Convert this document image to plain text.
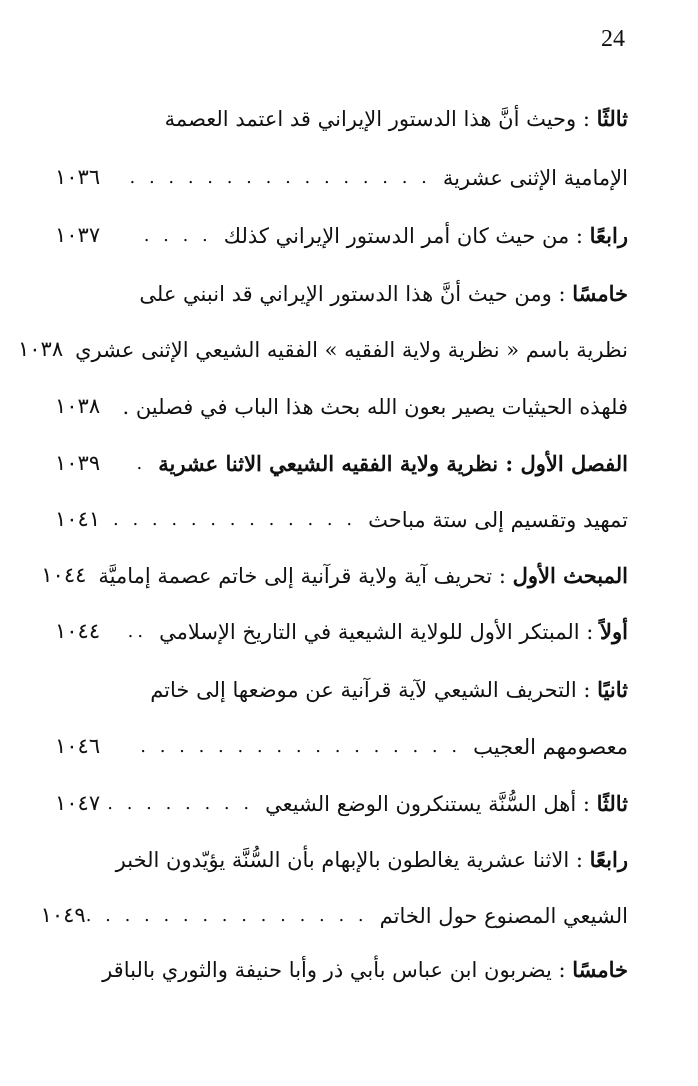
24
ثالثًا : وحيث أنَّ هذا الدستور الإيراني قد اعتمد العصمة
الإمامية الإثنى عشرية
. . . . . . . . . . . . . . . .
١٠٣٦
رابعًا : من حيث كان أمر الدستور الإيراني كذلك
. . . .
١٠٣٧
خامسًا : ومن حيث أنَّ هذا الدستور الإيراني قد انبني على
نظرية باسم « نظرية ولاية الفقيه » الفقيه الشيعي الإثنى عشري
١٠٣٨
فلهذه الحيثيات يصير بعون الله بحث هذا الباب في فصلين .
١٠٣٨
الفصل الأول : نظرية ولاية الفقيه الشيعي الاثنا عشرية
.
١٠٣٩
تمهيد وتقسيم إلى ستة مباحث
. . . . . . . . . . . . .
١٠٤١
المبحث الأول : تحريف آية ولاية قرآنية إلى خاتم عصمة إماميَّة
١٠٤٤
أولاً : المبتكر الأول للولاية الشيعية في التاريخ الإسلامي
..
١٠٤٤
ثانيًا : التحريف الشيعي لآية قرآنية عن موضعها إلى خاتم
معصومهم العجيب
. . . . . . . . . . . . . . . . .
١٠٤٦
ثالثًا : أهل السُّنَّة يستنكرون الوضع الشيعي
. . . . . . . .
١٠٤٧
رابعًا : الاثنا عشرية يغالطون بالإبهام بأن السُّنَّة يؤيّدون الخبر
الشيعي المصنوع حول الخاتم
. . . . . . . . . . . . . . .
١٠٤٩
خامسًا : يضربون ابن عباس بأبي ذر وأبا حنيفة والثوري بالباقر
